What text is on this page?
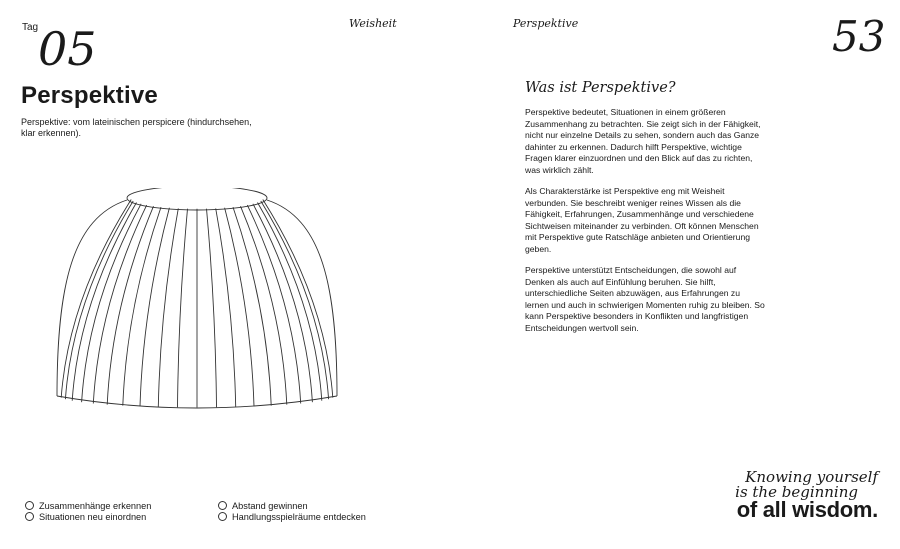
Tag 05	Weisheit	Perspektive	53
Perspektive
Perspektive: vom lateinischen perspicere (hindurchsehen, klar erkennen).
Was ist Perspektive?

Perspektive bedeutet, Situationen in einem größeren Zusammenhang zu betrachten. Sie zeigt sich in der Fähigkeit, nicht nur einzelne Details zu sehen, sondern auch das Ganze dahinter zu erkennen. Dadurch hilft Perspektive, wichtige Fragen klarer einzuordnen und den Blick auf das zu richten, was wirklich zählt.

Als Charakterstärke ist Perspektive eng mit Weisheit verbunden. Sie beschreibt weniger reines Wissen als die Fähigkeit, Erfahrungen, Zusammenhänge und verschiedene Sichtweisen miteinander zu verbinden. Oft können Menschen mit Perspektive gute Ratschläge anbieten und Orientierung geben.

Perspektive unterstützt Entscheidungen, die sowohl auf Denken als auch auf Einfühlung beruhen. Sie hilft, unterschiedliche Seiten abzuwägen, aus Erfahrungen zu lernen und auch in schwierigen Momenten ruhig zu bleiben. So kann Perspektive besonders in Konflikten und langfristigen Entscheidungen wertvoll sein.

Zusammenhänge erkennen
Situationen neu einordnen
Abstand gewinnen
Handlungsspielräume entdecken
Knowing yourself
is the beginning
of all wisdom.
